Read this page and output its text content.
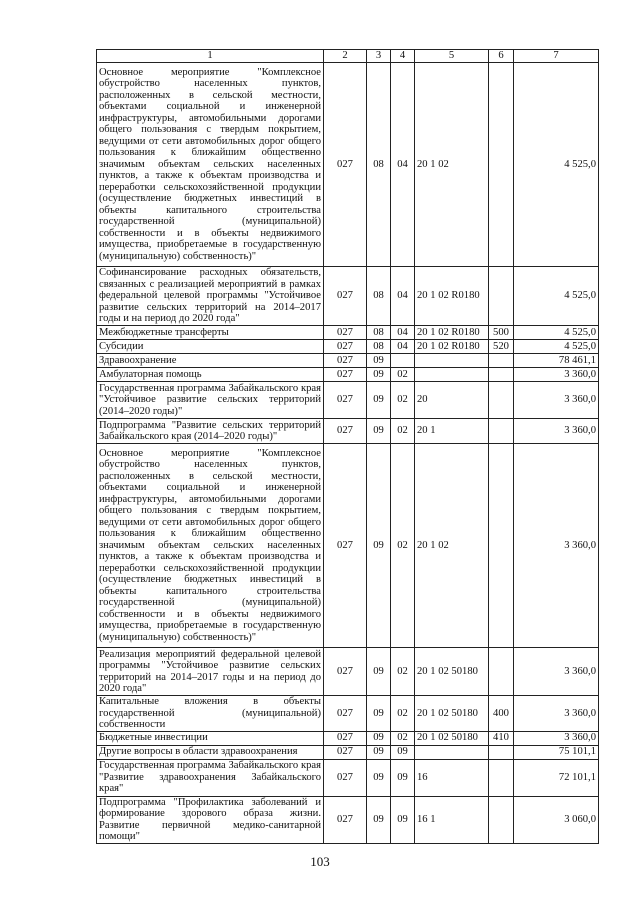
1	2	3	4	5	6	7
Основное мероприятие "Комплексное обустройство населенных пунктов, расположенных в сельской местности, объектами социальной и инженерной инфраструктуры, автомобильными дорогами общего пользования с твердым покрытием, ведущими от сети автомобильных дорог общего пользования к ближайшим общественно значимым объектам сельских населенных пунктов, а также к объектам производства и переработки сельскохозяйственной продукции (осуществление бюджетных инвестиций в объекты капитального строительства государственной (муниципальной) собственности и в объекты недвижимого имущества, приобретаемые в государственную (муниципальную) собственность)"	027	08	04	20 1 02		4 525,0
Софинансирование расходных обязательств, связанных с реализацией мероприятий в рамках федеральной целевой программы "Устойчивое развитие сельских территорий на 2014–2017 годы и на период до 2020 года"	027	08	04	20 1 02 R0180		4 525,0
Межбюджетные трансферты	027	08	04	20 1 02 R0180	500	4 525,0
Субсидии	027	08	04	20 1 02 R0180	520	4 525,0
Здравоохранение	027	09				78 461,1
Амбулаторная помощь	027	09	02			3 360,0
Государственная программа Забайкальского края "Устойчивое развитие сельских территорий (2014–2020 годы)"	027	09	02	20		3 360,0
Подпрограмма "Развитие сельских территорий Забайкальского края (2014–2020 годы)"	027	09	02	20 1		3 360,0
Основное мероприятие "Комплексное обустройство населенных пунктов, расположенных в сельской местности, объектами социальной и инженерной инфраструктуры, автомобильными дорогами общего пользования с твердым покрытием, ведущими от сети автомобильных дорог общего пользования к ближайшим общественно значимым объектам сельских населенных пунктов, а также к объектам производства и переработки сельскохозяйственной продукции (осуществление бюджетных инвестиций в объекты капитального строительства государственной (муниципальной) собственности и в объекты недвижимого имущества, приобретаемые в государственную (муниципальную) собственность)"	027	09	02	20 1 02		3 360,0
Реализация мероприятий федеральной целевой программы "Устойчивое развитие сельских территорий на 2014–2017 годы и на период до 2020 года"	027	09	02	20 1 02 50180		3 360,0
Капитальные вложения в объекты государственной (муниципальной) собственности	027	09	02	20 1 02 50180	400	3 360,0
Бюджетные инвестиции	027	09	02	20 1 02 50180	410	3 360,0
Другие вопросы в области здравоохранения	027	09	09			75 101,1
Государственная программа Забайкальского края "Развитие здравоохранения Забайкальского края"	027	09	09	16		72 101,1
Подпрограмма "Профилактика заболеваний и формирование здорового образа жизни. Развитие первичной медико-санитарной помощи"	027	09	09	16 1		3 060,0
103
